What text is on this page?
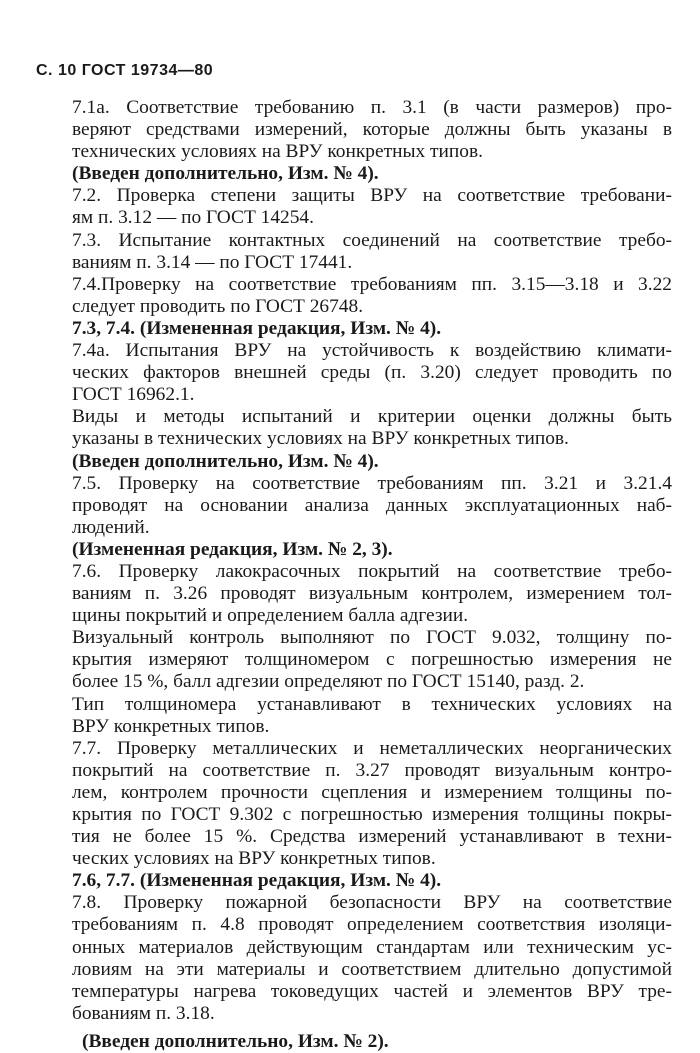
С. 10 ГОСТ 19734—80

7.1а. Соответствие требованию п. 3.1 (в части размеров) про-
веряют средствами измерений, которые должны быть указаны в
технических условиях на ВРУ конкретных типов.

(Введен дополнительно, Изм. № 4).

7.2. Проверка степени защиты ВРУ на соответствие требовани-
ям п. 3.12 — по ГОСТ 14254.

7.3. Испытание контактных соединений на соответствие требо-
ваниям п. 3.14 — по ГОСТ 17441.

7.4.Проверку на соответствие требованиям пп. 3.15—3.18 и 3.22
следует проводить по ГОСТ 26748.

7.3, 7.4. (Измененная редакция, Изм. № 4).

7.4а. Испытания ВРУ на устойчивость к воздействию климати-
ческих факторов внешней среды (п. 3.20) следует проводить по
ГОСТ 16962.1.

Виды и методы испытаний и критерии оценки должны быть
указаны в технических условиях на ВРУ конкретных типов.

(Введен дополнительно, Изм. № 4).

7.5. Проверку на соответствие требованиям пп. 3.21 и 3.21.4
проводят на основании анализа данных эксплуатационных наб-
людений.

(Измененная редакция, Изм. № 2, 3).

7.6. Проверку лакокрасочных покрытий на соответствие требо-
ваниям п. 3.26 проводят визуальным контролем, измерением тол-
щины покрытий и определением балла адгезии.

Визуальный контроль выполняют по ГОСТ 9.032, толщину по-
крытия измеряют толщиномером с погрешностью измерения не
более 15 %, балл адгезии определяют по ГОСТ 15140, разд. 2.

Тип толщиномера устанавливают в технических условиях на
ВРУ конкретных типов.

7.7. Проверку металлических и неметаллических неорганических
покрытий на соответствие п. 3.27 проводят визуальным контро-
лем, контролем прочности сцепления и измерением толщины по-
крытия по ГОСТ 9.302 с погрешностью измерения толщины покры-
тия не более 15 %. Средства измерений устанавливают в техни-
ческих условиях на ВРУ конкретных типов.

7.6, 7.7. (Измененная редакция, Изм. № 4).

7.8. Проверку пожарной безопасности ВРУ на соответствие
требованиям п. 4.8 проводят определением соответствия изоляци-
онных материалов действующим стандартам или техническим ус-
ловиям на эти материалы и соответствием длительно допустимой
температуры нагрева токоведущих частей и элементов ВРУ тре-
бованиям п. 3.18.

(Введен дополнительно, Изм. № 2).
